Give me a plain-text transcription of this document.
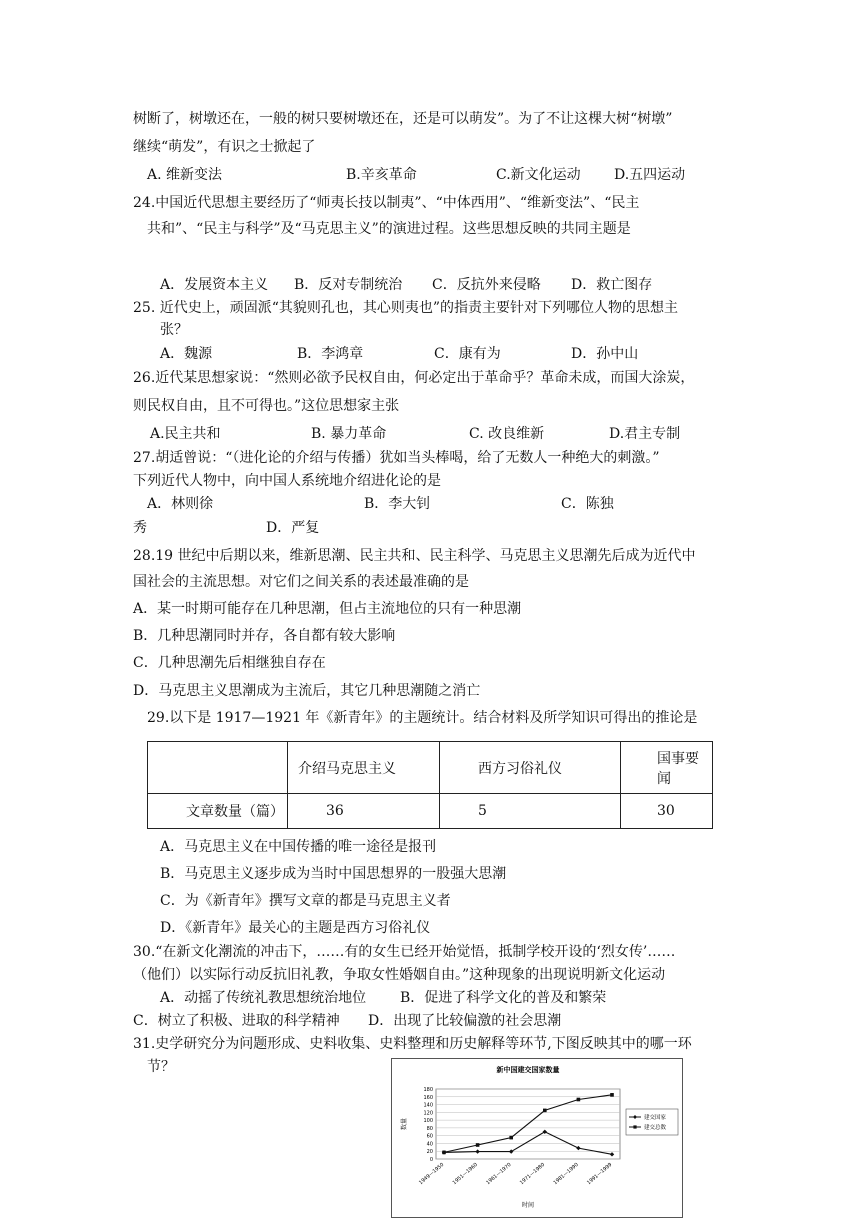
树断了，树墩还在，一般的树只要树墩还在，还是可以萌发”。为了不让这棵大树“树墩”
继续“萌发”，有识之士掀起了
A. 维新变法	B.辛亥革命	C.新文化运动 D.五四运动
24.中国近代思想主要经历了“师夷长技以制夷”、“中体西用”、“维新变法”、“民主
共和”、“民主与科学”及“马克思主义”的演进过程。这些思想反映的共同主题是
A．发展资本主义 B．反对专制统治 C．反抗外来侵略 D．救亡图存
25. 近代史上，顽固派“其貌则孔也，其心则夷也”的指责主要针对下列哪位人物的思想主
张？
A．魏源	B．李鸿章	C．康有为	D．孙中山
26.近代某思想家说：“然则必欲予民权自由，何必定出于革命乎？革命未成，而国大涂炭，
则民权自由，且不可得也。”这位思想家主张
A.民主共和	B. 暴力革命	C. 改良维新	D.君主专制
27.胡适曾说：“（进化论的介绍与传播）犹如当头棒喝，给了无数人一种绝大的刺激。”
下列近代人物中，向中国人系统地介绍进化论的是
A．林则徐	B．李大钊	C．陈独
秀	D．严复
28.19 世纪中后期以来，维新思潮、民主共和、民主科学、马克思主义思潮先后成为近代中
国社会的主流思想。对它们之间关系的表述最准确的是
A．某一时期可能存在几种思潮，但占主流地位的只有一种思潮
B．几种思潮同时并存，各自都有较大影响
C．几种思潮先后相继独自存在
D．马克思主义思潮成为主流后，其它几种思潮随之消亡
29.以下是 1917—1921 年《新青年》的主题统计。结合材料及所学知识可得出的推论是
	介绍马克思主义	西方习俗礼仪	国事要闻
文章数量（篇）	36	5	30
A．马克思主义在中国传播的唯一途径是报刊
B．马克思主义逐步成为当时中国思想界的一股强大思潮
C．为《新青年》撰写文章的都是马克思主义者
D．《新青年》最关心的主题是西方习俗礼仪
30.“在新文化潮流的冲击下，……有的女生已经开始觉悟，抵制学校开设的‘烈女传’……
（他们）以实际行动反抗旧礼教，争取女性婚姻自由。”这种现象的出现说明新文化运动
A．动摇了传统礼教思想统治地位 B．促进了科学文化的普及和繁荣
C．树立了积极、进取的科学精神 D．出现了比较偏激的社会思潮
31.史学研究分为问题形成、史料收集、史料整理和历史解释等环节,下图反映其中的哪一环
节？	新中国建交国家数量
0
20
40
60
80
100
120
140
160
180
数量
1949—1950 1951—1960 1961—1970 1971—1980 1981—1990 1991—1999
时间
建交国家
建交总数
